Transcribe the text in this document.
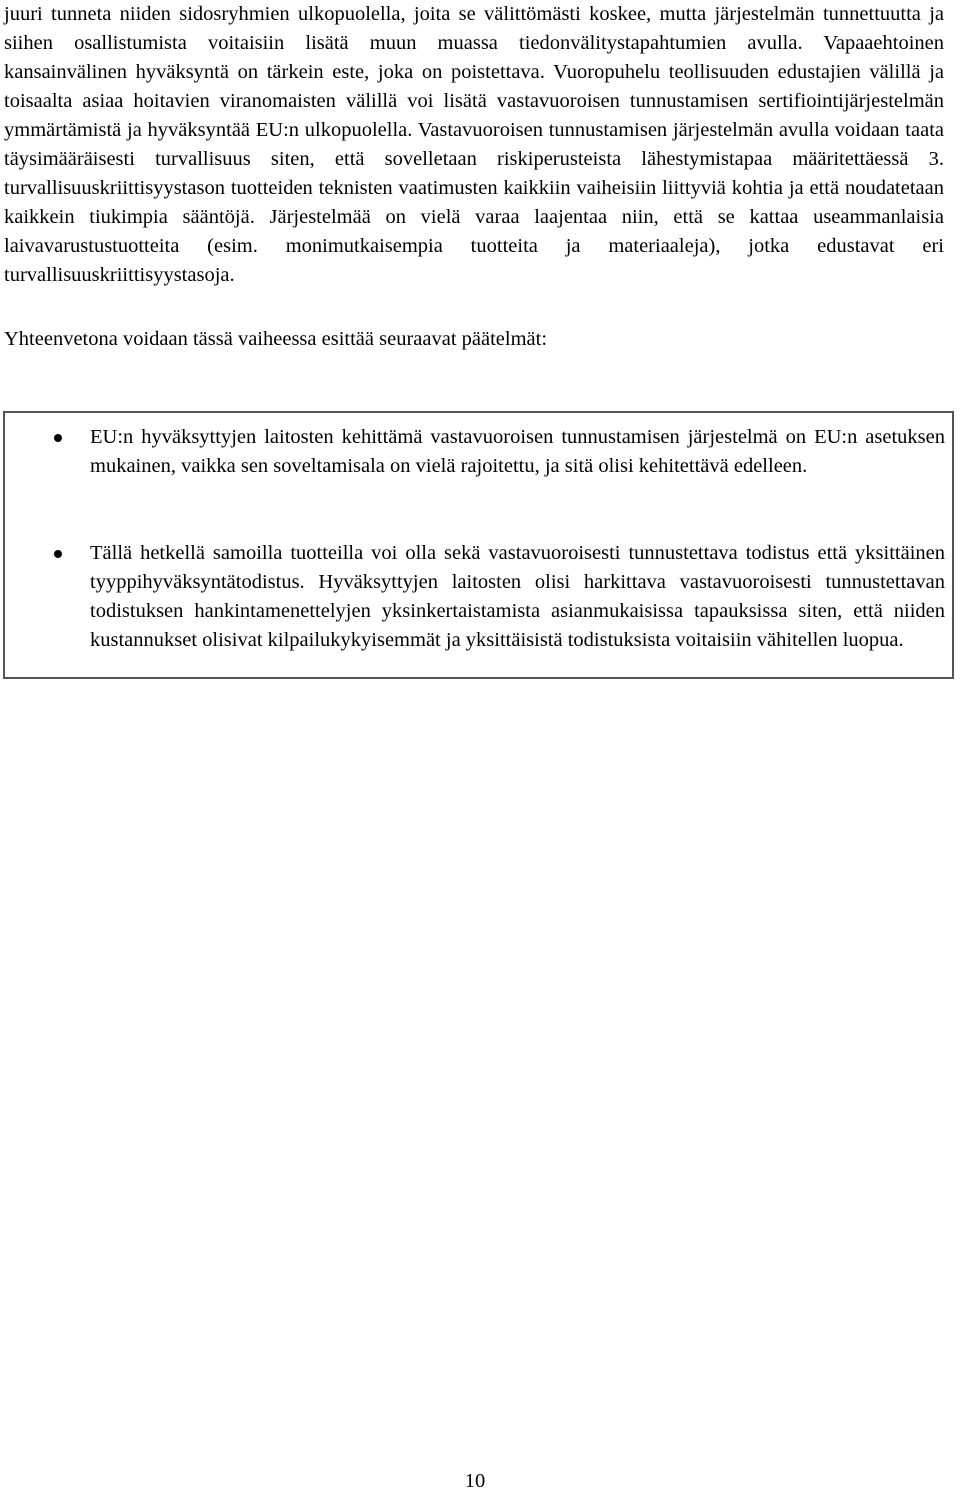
juuri tunneta niiden sidosryhmien ulkopuolella, joita se välittömästi koskee, mutta järjestelmän tunnettuutta ja siihen osallistumista voitaisiin lisätä muun muassa tiedonvälitystapahtumien avulla. Vapaaehtoinen kansainvälinen hyväksyntä on tärkein este, joka on poistettava. Vuoropuhelu teollisuuden edustajien välillä ja toisaalta asiaa hoitavien viranomaisten välillä voi lisätä vastavuoroisen tunnustamisen sertifiointijärjestelmän ymmärtämistä ja hyväksyntää EU:n ulkopuolella. Vastavuoroisen tunnustamisen järjestelmän avulla voidaan taata täysimääräisesti turvallisuus siten, että sovelletaan riskiperusteista lähestymistapaa määritettäessä 3. turvallisuuskriittisyystason tuotteiden teknisten vaatimusten kaikkiin vaiheisiin liittyviä kohtia ja että noudatetaan kaikkein tiukimpia sääntöjä. Järjestelmää on vielä varaa laajentaa niin, että se kattaa useammanlaisia laivavarustustuotteita (esim. monimutkaisempia tuotteita ja materiaaleja), jotka edustavat eri turvallisuuskriittisyystasoja.

Yhteenvetona voidaan tässä vaiheessa esittää seuraavat päätelmät:

EU:n hyväksyttyjen laitosten kehittämä vastavuoroisen tunnustamisen järjestelmä on EU:n asetuksen mukainen, vaikka sen soveltamisala on vielä rajoitettu, ja sitä olisi kehitettävä edelleen.
Tällä hetkellä samoilla tuotteilla voi olla sekä vastavuoroisesti tunnustettava todistus että yksittäinen tyyppihyväksyntätodistus. Hyväksyttyjen laitosten olisi harkittava vastavuoroisesti tunnustettavan todistuksen hankintamenettelyjen yksinkertaistamista asianmukaisissa tapauksissa siten, että niiden kustannukset olisivat kilpailukykyisemmät ja yksittäisistä todistuksista voitaisiin vähitellen luopua.
10
